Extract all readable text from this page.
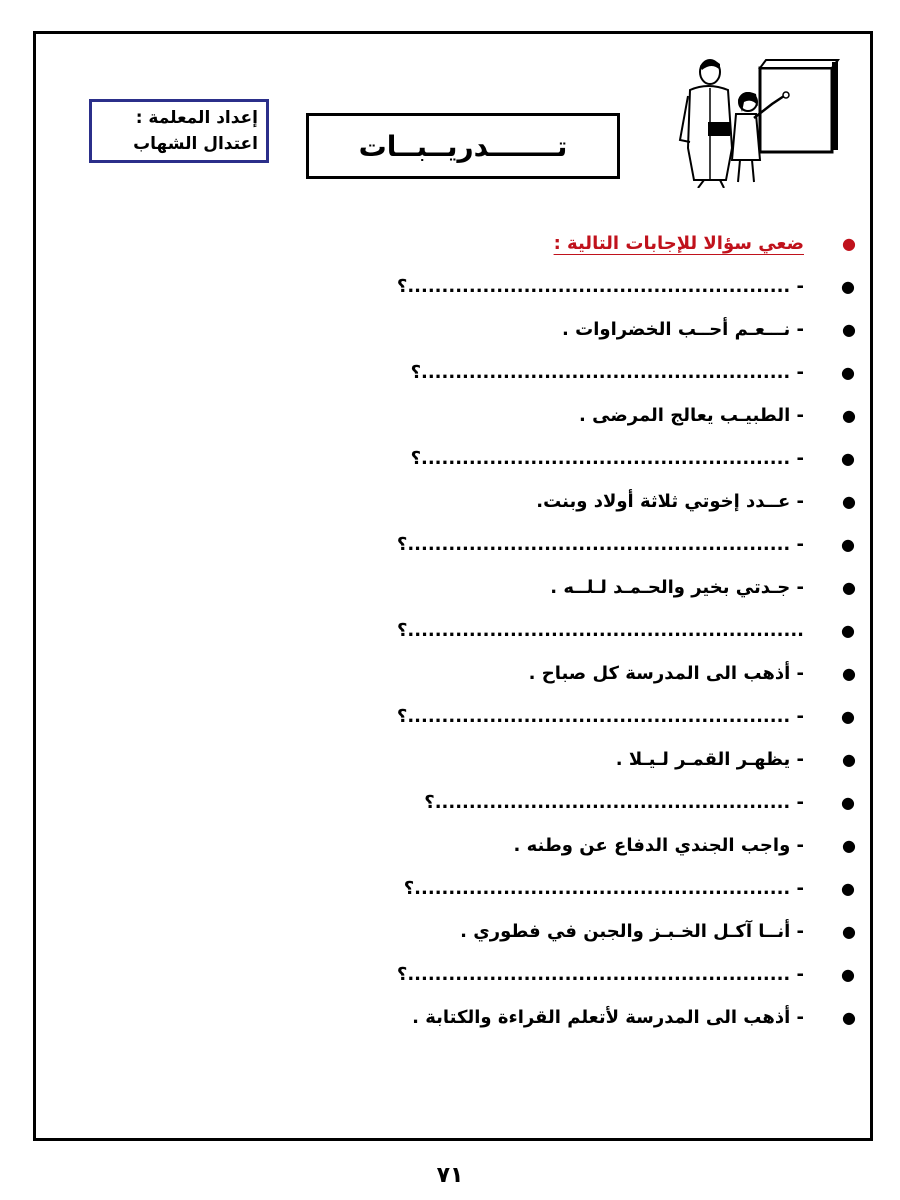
إعداد المعلمة :
اعتدال الشهاب	تـــــــدريــبــات
●
ضعي سؤالا للإجابات التالية :
●
- ........................................................؟
●
- نـــعـم أحــب الخضراوات .
●
- ......................................................؟
●
- الطبيـب يعالج المرضى .
●
- ......................................................؟
●
- عــدد إخوتي ثلاثة أولاد وبنت.
●
- ........................................................؟
●
- جـدتي بخير والحـمـد لـلــه .
●
..........................................................؟
●
- أذهب الى المدرسة كل صباح .
●
- ........................................................؟
●
- يظهـر القمـر لـيـلا .
●
- ....................................................؟
●
- واجب الجندي الدفاع عن وطنه .
●
- .......................................................؟
●
- أنــا آكـل الخـبـز والجبن في فطوري .
●
- ........................................................؟
●
- أذهب الى المدرسة لأتعلم القراءة والكتابة .
٧١
